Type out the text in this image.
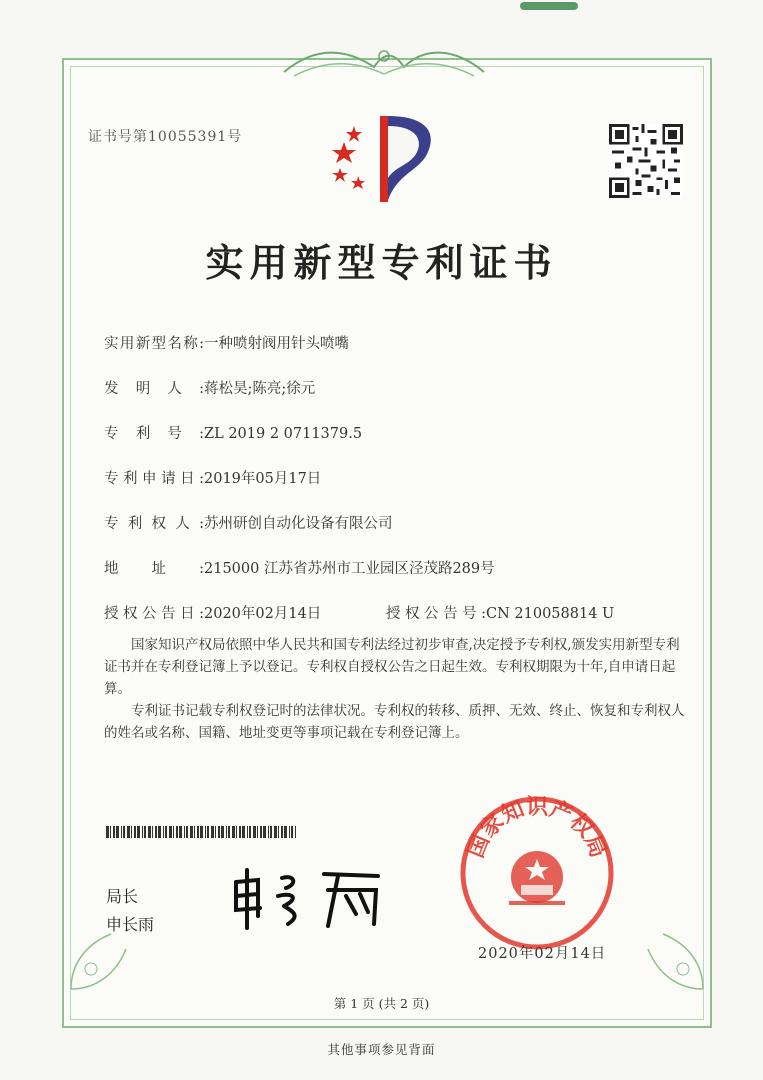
证书号第10055391号
实用新型专利证书
实用新型名称:一种喷射阀用针头喷嘴
发明人:蒋松昊;陈亮;徐元
专利号:ZL 2019 2 0711379.5
专利申请日:2019年05月17日
专利权人:苏州研创自动化设备有限公司
地址:215000 江苏省苏州市工业园区泾茂路289号
授权公告日:2020年02月14日	授权公告号:CN 210058814 U
国家知识产权局依照中华人民共和国专利法经过初步审查,决定授予专利权,颁发实用新型专利证书并在专利登记簿上予以登记。专利权自授权公告之日起生效。专利权期限为十年,自申请日起算。
专利证书记载专利权登记时的法律状况。专利权的转移、质押、无效、终止、恢复和专利权人的姓名或名称、国籍、地址变更等事项记载在专利登记簿上。
局长
申长雨
国家知识产权局
2020年02月14日
第 1 页 (共 2 页)
其他事项参见背面
